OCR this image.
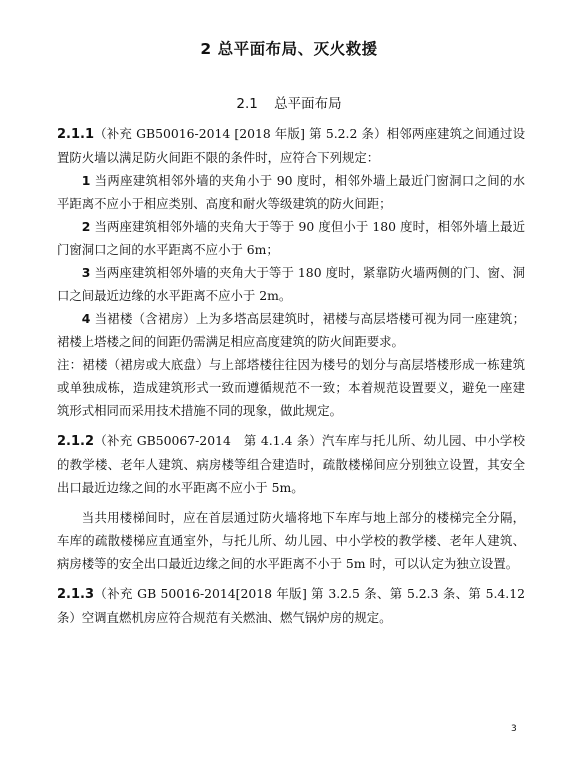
2 总平面布局、灭火救援
2.1 总平面布局

2.1.1（补充 GB50016-2014 [2018 年版] 第 5.2.2 条）相邻两座建筑之间通过设置防火墙以满足防火间距不限的条件时，应符合下列规定：

1 当两座建筑相邻外墙的夹角小于 90 度时，相邻外墙上最近门窗洞口之间的水平距离不应小于相应类别、高度和耐火等级建筑的防火间距；

2 当两座建筑相邻外墙的夹角大于等于 90 度但小于 180 度时，相邻外墙上最近门窗洞口之间的水平距离不应小于 6m；

3 当两座建筑相邻外墙的夹角大于等于 180 度时，紧靠防火墙两侧的门、窗、洞口之间最近边缘的水平距离不应小于 2m。

4 当裙楼（含裙房）上为多塔高层建筑时，裙楼与高层塔楼可视为同一座建筑；裙楼上塔楼之间的间距仍需满足相应高度建筑的防火间距要求。

注：裙楼（裙房或大底盘）与上部塔楼往往因为楼号的划分与高层塔楼形成一栋建筑或单独成栋，造成建筑形式一致而遵循规范不一致；本着规范设置要义，避免一座建筑形式相同而采用技术措施不同的现象，做此规定。

2.1.2（补充 GB50067-2014　第 4.1.4 条）汽车库与托儿所、幼儿园、中小学校的教学楼、老年人建筑、病房楼等组合建造时，疏散楼梯间应分别独立设置，其安全出口最近边缘之间的水平距离不应小于 5m。

当共用楼梯间时，应在首层通过防火墙将地下车库与地上部分的楼梯完全分隔，车库的疏散楼梯应直通室外，与托儿所、幼儿园、中小学校的教学楼、老年人建筑、病房楼等的安全出口最近边缘之间的水平距离不小于 5m 时，可以认定为独立设置。

2.1.3（补充 GB 50016-2014[2018 年版] 第 3.2.5 条、第 5.2.3 条、第 5.4.12 条）空调直燃机房应符合规范有关燃油、燃气锅炉房的规定。

3
